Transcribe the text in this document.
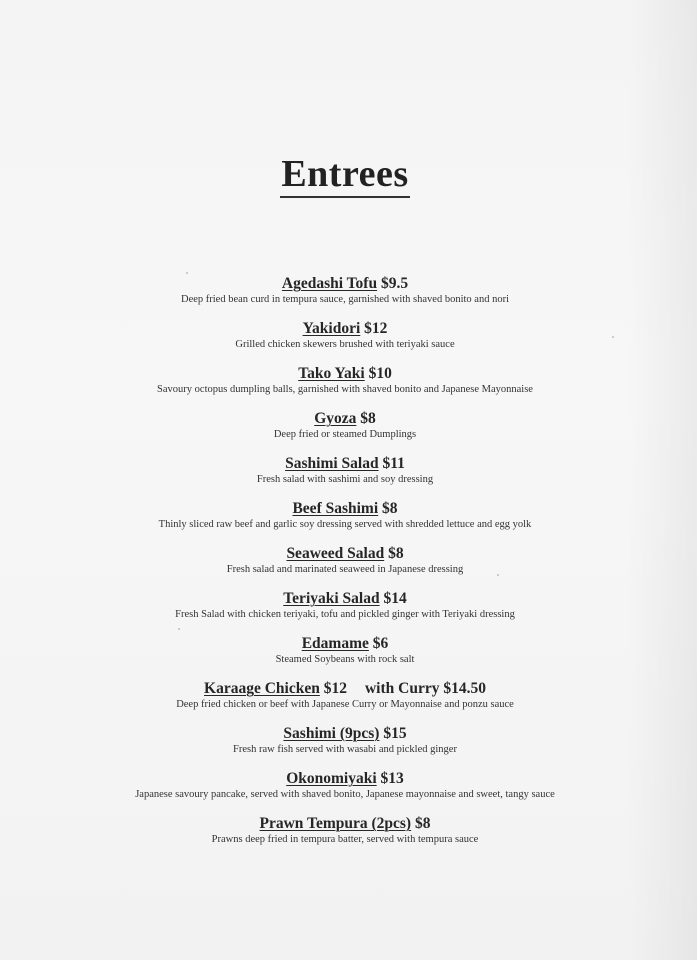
Entrees
Agedashi Tofu $9.5
Deep fried bean curd in tempura sauce, garnished with shaved bonito and nori
Yakidori $12
Grilled chicken skewers brushed with teriyaki sauce
Tako Yaki $10
Savoury octopus dumpling balls, garnished with shaved bonito and Japanese Mayonnaise
Gyoza $8
Deep fried or steamed Dumplings
Sashimi Salad $11
Fresh salad with sashimi and soy dressing
Beef Sashimi $8
Thinly sliced raw beef and garlic soy dressing served with shredded lettuce and egg yolk
Seaweed Salad $8
Fresh salad and marinated seaweed in Japanese dressing
Teriyaki Salad $14
Fresh Salad with chicken teriyaki, tofu and pickled ginger with Teriyaki dressing
Edamame $6
Steamed Soybeans with rock salt
Karaage Chicken $12 with Curry $14.50
Deep fried chicken or beef with Japanese Curry or Mayonnaise and ponzu sauce
Sashimi (9pcs) $15
Fresh raw fish served with wasabi and pickled ginger
Okonomiyaki $13
Japanese savoury pancake, served with shaved bonito, Japanese mayonnaise and sweet, tangy sauce
Prawn Tempura (2pcs) $8
Prawns deep fried in tempura batter, served with tempura sauce
